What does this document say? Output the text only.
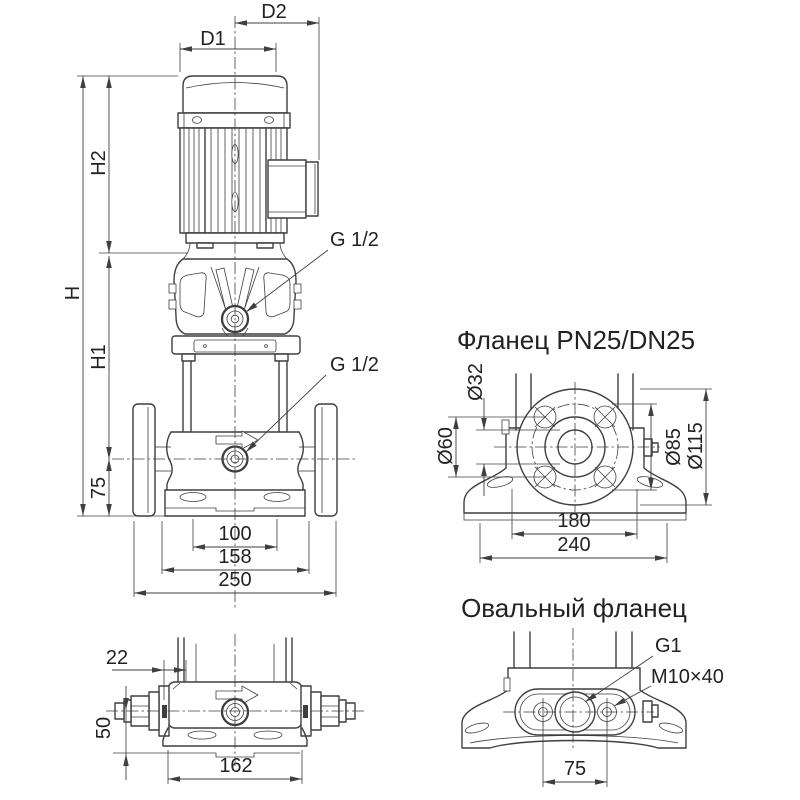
D1
D2
H
H2
H1
75
100
158
250
G 1/2
G 1/2
Фланец PN25/DN25
Ø32
Ø60	Ø85 Ø115
180
240
22
50
162
Овальный фланец
G1
M10×40
75
